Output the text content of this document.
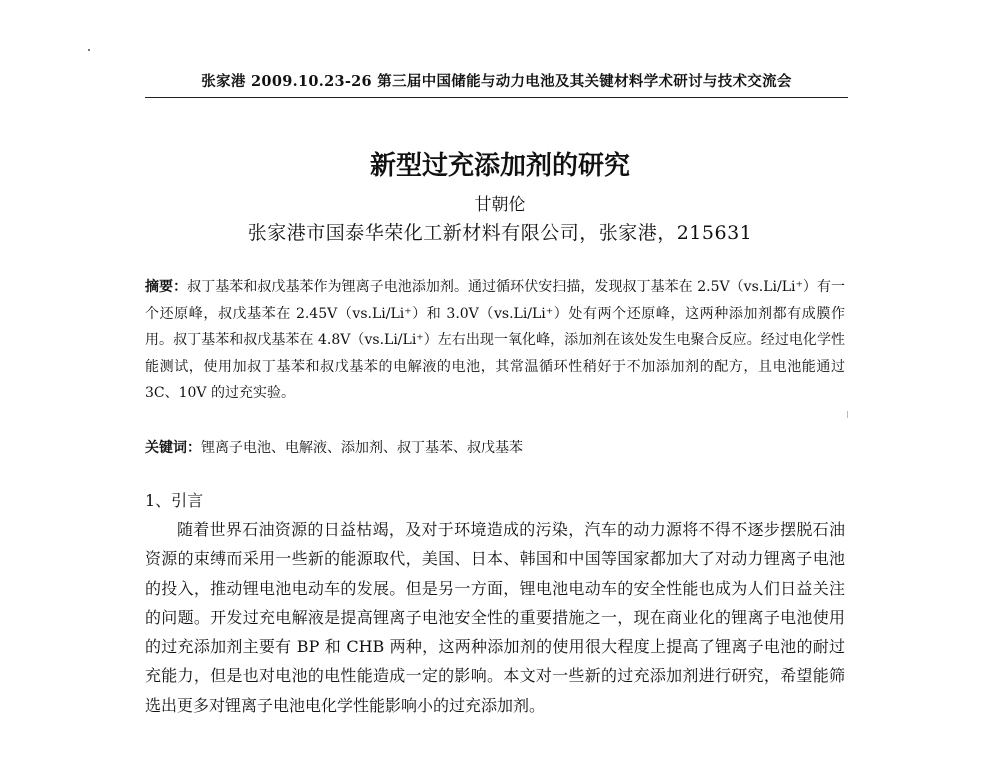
张家港 2009.10.23-26 第三届中国储能与动力电池及其关键材料学术研讨与技术交流会
新型过充添加剂的研究
甘朝伦
张家港市国泰华荣化工新材料有限公司，张家港，215631
摘要：叔丁基苯和叔戊基苯作为锂离子电池添加剂。通过循环伏安扫描，发现叔丁基苯在 2.5V（vs.Li/Li⁺）有一个还原峰，叔戊基苯在 2.45V（vs.Li/Li⁺）和 3.0V（vs.Li/Li⁺）处有两个还原峰，这两种添加剂都有成膜作用。叔丁基苯和叔戊基苯在 4.8V（vs.Li/Li⁺）左右出现一氧化峰，添加剂在该处发生电聚合反应。经过电化学性能测试，使用加叔丁基苯和叔戊基苯的电解液的电池，其常温循环性稍好于不加添加剂的配方，且电池能通过 3C、10V 的过充实验。
关键词：锂离子电池、电解液、添加剂、叔丁基苯、叔戊基苯
1、引言
随着世界石油资源的日益枯竭，及对于环境造成的污染，汽车的动力源将不得不逐步摆脱石油资源的束缚而采用一些新的能源取代，美国、日本、韩国和中国等国家都加大了对动力锂离子电池的投入，推动锂电池电动车的发展。但是另一方面，锂电池电动车的安全性能也成为人们日益关注的问题。开发过充电解液是提高锂离子电池安全性的重要措施之一，现在商业化的锂离子电池使用的过充添加剂主要有 BP 和 CHB 两种，这两种添加剂的使用很大程度上提高了锂离子电池的耐过充能力，但是也对电池的电性能造成一定的影响。本文对一些新的过充添加剂进行研究，希望能筛选出更多对锂离子电池电化学性能影响小的过充添加剂。
